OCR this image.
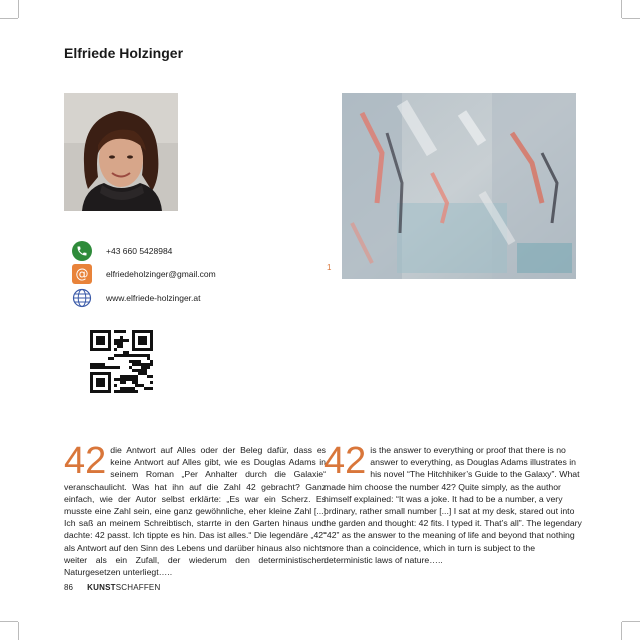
Elfriede Holzinger
1
+43 660 5428984
@ elfriedeholzinger@gmail.com
www.elfriede-holzinger.at
42 die Antwort auf Alles oder der Beleg dafür, dass es keine Antwort auf Alles gibt, wie es Douglas Adams in seinem Roman „Per Anhalter durch die Galaxie“ veranschaulicht. Was hat ihn auf die Zahl 42 gebracht? Ganz einfach, wie der Autor selbst erklärte: „Es war ein Scherz. Es musste eine Zahl sein, eine ganz gewöhnliche, eher kleine Zahl [...] Ich saß an meinem Schreibtisch, starrte in den Garten hinaus und dachte: 42 passt. Ich tippte es hin. Das ist alles.“ Die legendäre „42“ als Antwort auf den Sinn des Lebens und darüber hinaus also nichts weiter als ein Zufall, der wiederum den deterministischen Naturgesetzen unterliegt…..
42 is the answer to everything or proof that there is no answer to everything, as Douglas Adams illustrates in his novel “The Hitchhiker’s Guide to the Galaxy”. What made him choose the number 42? Quite simply, as the author himself explained: “It was a joke. It had to be a number, a very ordinary, rather small number [...] I sat at my desk, stared out into the garden and thought: 42 fits. I typed it. That’s all”. The legendary “42” as the answer to the meaning of life and beyond that nothing more than a coincidence, which in turn is subject to the deterministic laws of nature…..
86 KUNSTSCHAFFEN
